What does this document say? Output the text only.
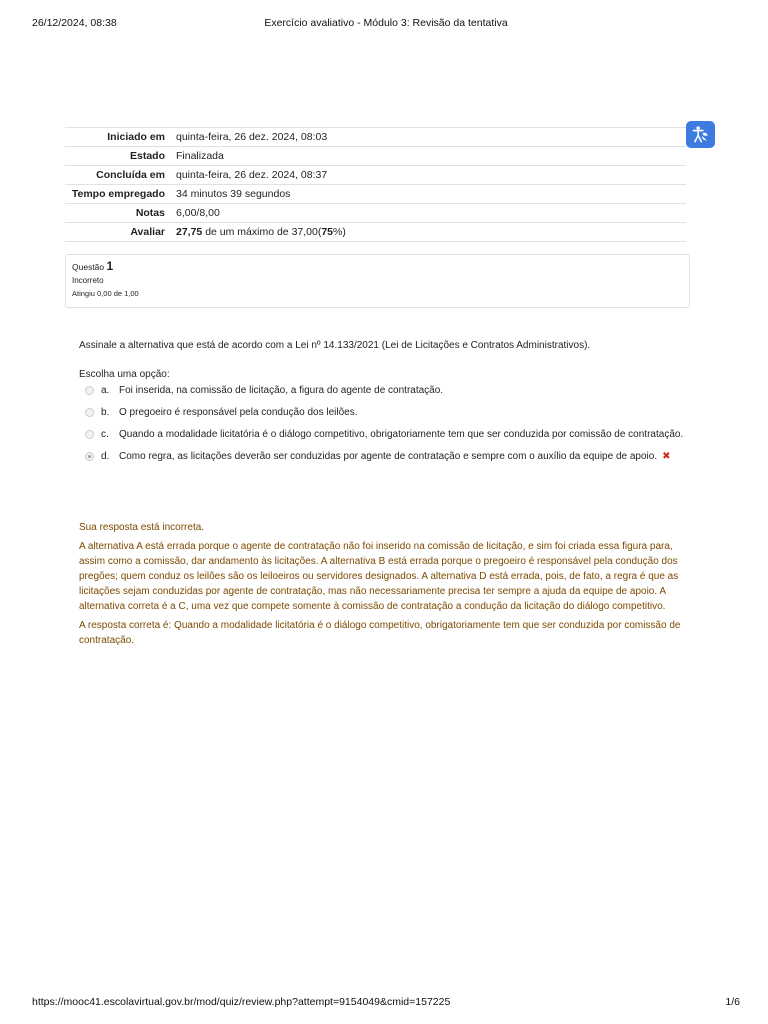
26/12/2024, 08:38	Exercício avaliativo - Módulo 3: Revisão da tentativa
Iniciado em	quinta-feira, 26 dez. 2024, 08:03
Estado	Finalizada
Concluída em	quinta-feira, 26 dez. 2024, 08:37
Tempo empregado	34 minutos 39 segundos
Notas	6,00/8,00
Avaliar	27,75 de um máximo de 37,00(75%)
Questão 1
Incorreto
Atingiu 0,00 de 1,00

Assinale a alternativa que está de acordo com a Lei nº 14.133/2021 (Lei de Licitações e Contratos Administrativos).

Escolha uma opção:

a. Foi inserida, na comissão de licitação, a figura do agente de contratação.
b. O pregoeiro é responsável pela condução dos leilões.
c.	Quando a modalidade licitatória é o diálogo competitivo, obrigatoriamente tem que ser conduzida por comissão de contratação.
d. Como regra, as licitações deverão ser conduzidas por agente de contratação e sempre com o auxílio da equipe de apoio. ✖

Sua resposta está incorreta.

A alternativa A está errada porque o agente de contratação não foi inserido na comissão de licitação, e sim foi criada essa figura para, assim como a comissão, dar andamento às licitações. A alternativa B está errada porque o pregoeiro é responsável pela condução dos pregões; quem conduz os leilões são os leiloeiros ou servidores designados. A alternativa D está errada, pois, de fato, a regra é que as licitações sejam conduzidas por agente de contratação, mas não necessariamente precisa ter sempre a ajuda da equipe de apoio. A alternativa correta é a C, uma vez que compete somente à comissão de contratação a condução da licitação do diálogo competitivo.

A resposta correta é: Quando a modalidade licitatória é o diálogo competitivo, obrigatoriamente tem que ser conduzida por comissão de contratação.

https://mooc41.escolavirtual.gov.br/mod/quiz/review.php?attempt=9154049&cmid=157225	1/6
